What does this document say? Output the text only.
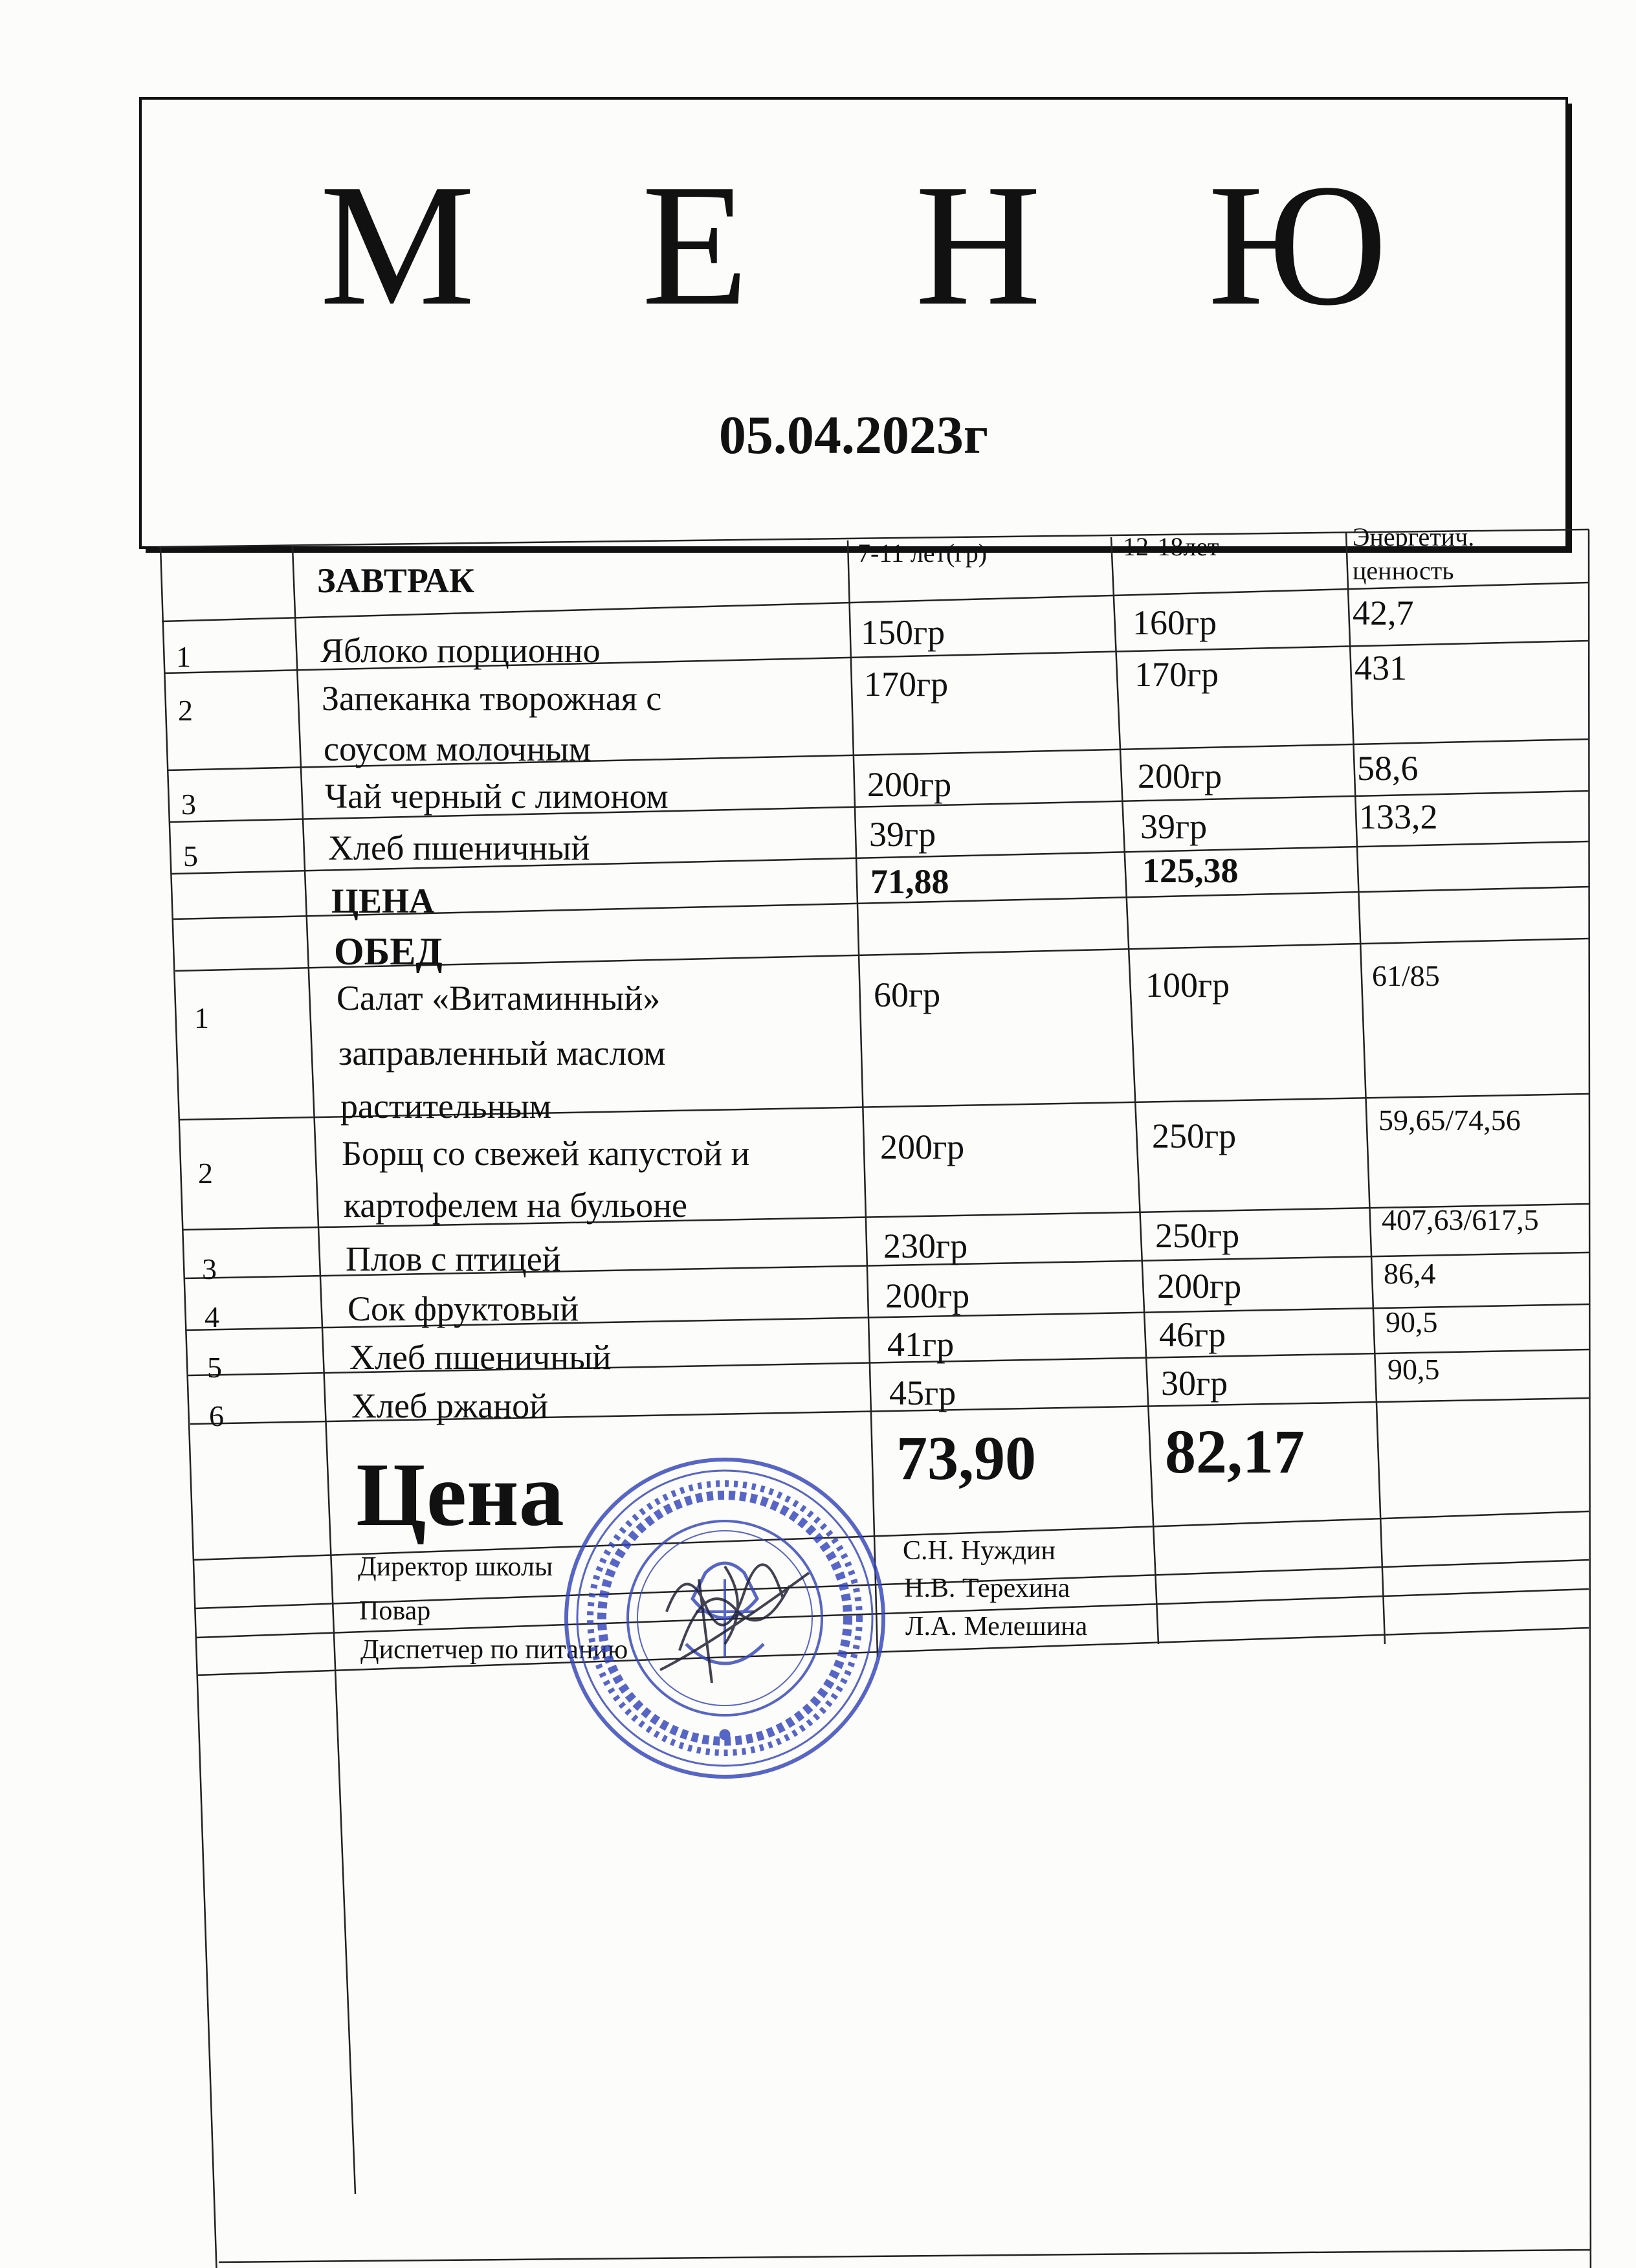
М Е Н Ю
05.04.2023г
ЗАВТРАК
7-11 лет(гр)	12-18лет	Энергетич.
ценность
1	Яблоко порционно	150гр	160гр	42,7
2	Запеканка творожная с
соусом молочным
170гр	170гр	431
3	Чай черный с лимоном	200гр	200гр	58,6
5	Хлеб пшеничный	39гр	39гр	133,2
ЦЕНА	71,88	125,38
ОБЕД
1
Салат «Витаминный»
заправленный маслом
растительным
60гр	100гр	61/85
2
Борщ со свежей капустой и
картофелем на бульоне
200гр	250гр	59,65/74,56
3	Плов с птицей	230гр	250гр	407,63/617,5
4	Сок фруктовый	200гр	200гр	86,4
5	Хлеб пшеничный	41гр	46гр	90,5
6	Хлеб ржаной	45гр	30гр	90,5
Цена	73,90 82,17
Директор школы
С.Н. Нуждин
Повар
Н.В. Терехина
Диспетчер по питанию
Л.А. Мелешина
